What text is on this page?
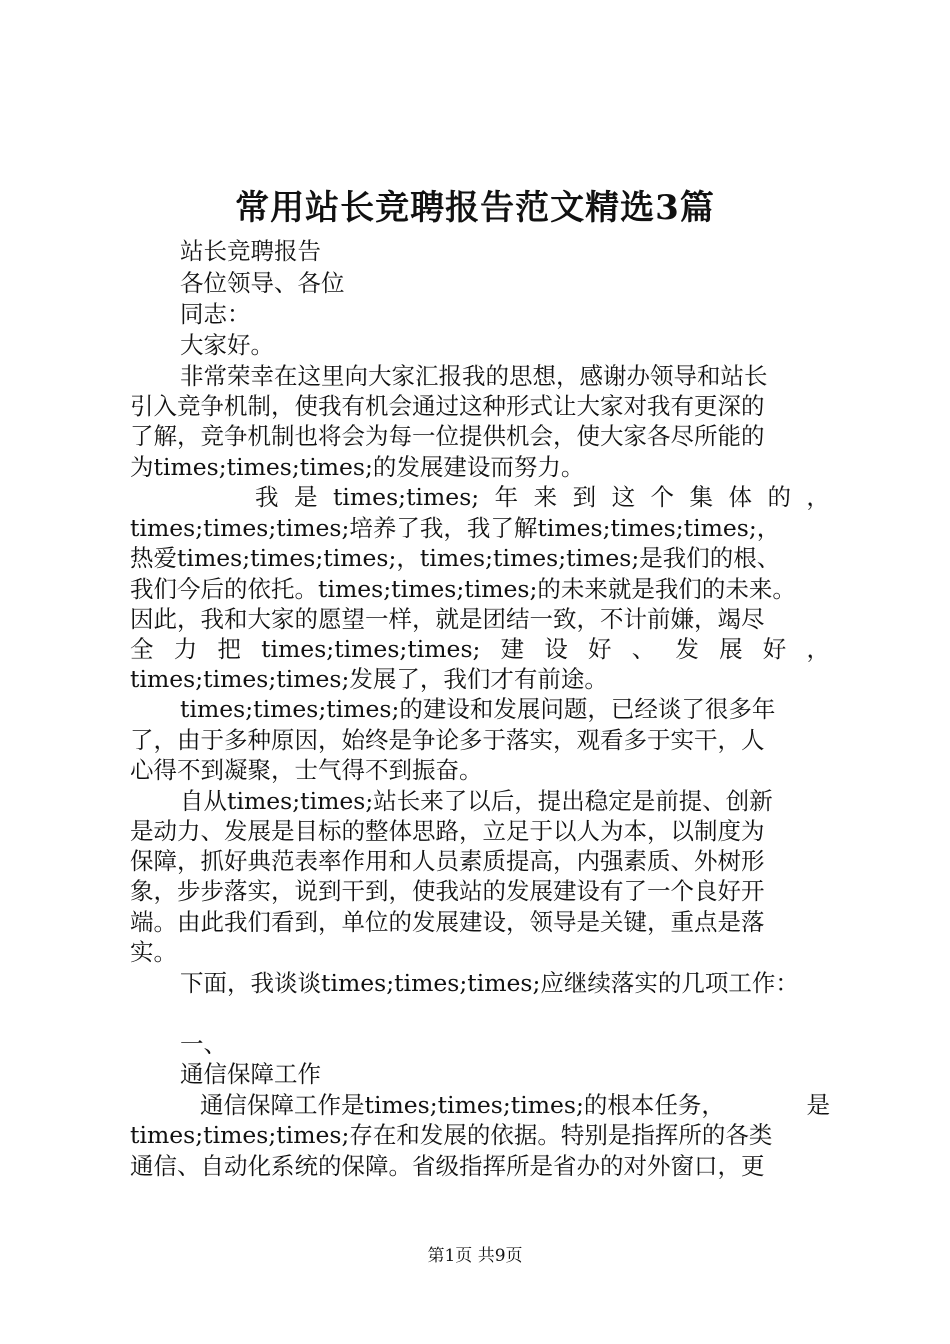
常用站长竞聘报告范文精选3篇
站长竞聘报告
各位领导、各位
同志：
大家好。
非常荣幸在这里向大家汇报我的思想，感谢办领导和站长
引入竞争机制，使我有机会通过这种形式让大家对我有更深的
了解，竞争机制也将会为每一位提供机会，使大家各尽所能的
为times;times;times;的发展建设而努力。
我 是 times;times; 年 来 到 这 个 集 体 的 ，
times;times;times;培养了我，我了解times;times;times;，
热爱times;times;times;，times;times;times;是我们的根、
我们今后的依托。times;times;times;的未来就是我们的未来。
因此，我和大家的愿望一样，就是团结一致，不计前嫌，竭尽
全 力 把 times;times;times; 建 设 好 、 发 展 好 ，
times;times;times;发展了，我们才有前途。
times;times;times;的建设和发展问题，已经谈了很多年
了，由于多种原因，始终是争论多于落实，观看多于实干，人
心得不到凝聚，士气得不到振奋。
自从times;times;站长来了以后，提出稳定是前提、创新
是动力、发展是目标的整体思路，立足于以人为本，以制度为
保障，抓好典范表率作用和人员素质提高，内强素质、外树形
象，步步落实，说到干到，使我站的发展建设有了一个良好开
端。由此我们看到，单位的发展建设，领导是关键，重点是落
实。
下面，我谈谈times;times;times;应继续落实的几项工作：
一、
通信保障工作
通信保障工作是times;times;times;的根本任务，	是
times;times;times;存在和发展的依据。特别是指挥所的各类
通信、自动化系统的保障。省级指挥所是省办的对外窗口，更
第1页 共9页
